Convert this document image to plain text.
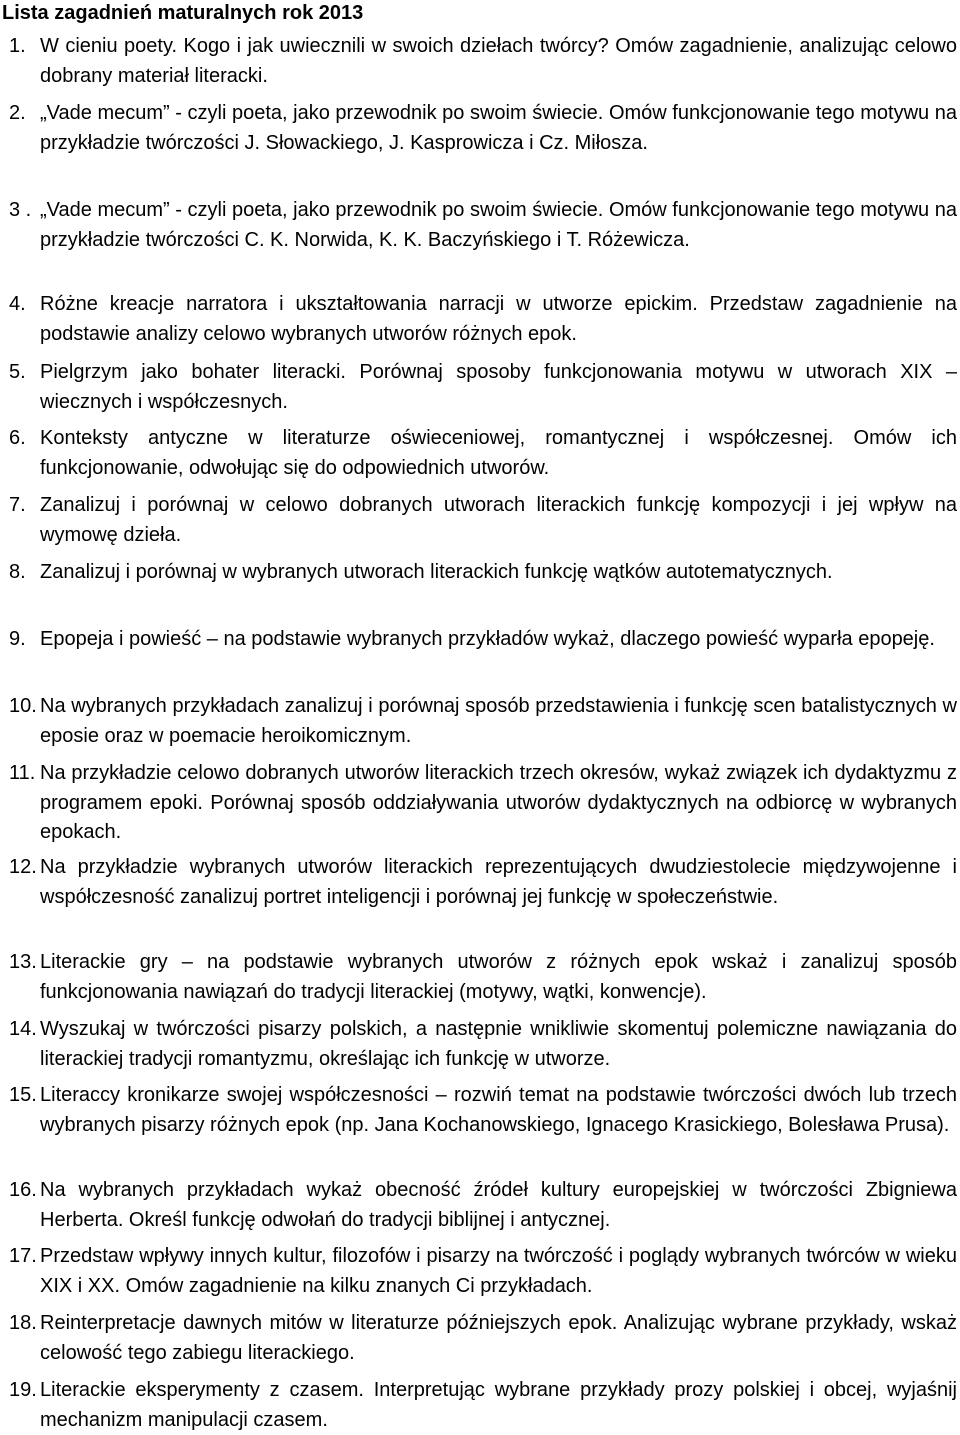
Lista zagadnień maturalnych rok 2013
1. W cieniu poety. Kogo i jak uwiecznili w swoich dziełach twórcy? Omów zagadnienie, analizując celowo dobrany materiał literacki.
2. „Vade mecum” - czyli poeta, jako przewodnik po swoim świecie. Omów funkcjonowanie tego motywu na przykładzie twórczości J. Słowackiego, J. Kasprowicza i Cz. Miłosza.
3 . „Vade mecum” - czyli poeta, jako przewodnik po swoim świecie. Omów funkcjonowanie tego motywu na przykładzie twórczości C. K. Norwida, K. K. Baczyńskiego i T. Różewicza.
4. Różne kreacje narratora i ukształtowania narracji w utworze epickim. Przedstaw zagadnienie na podstawie analizy celowo wybranych utworów różnych epok.
5. Pielgrzym jako bohater literacki. Porównaj sposoby funkcjonowania motywu w utworach XIX – wiecznych i współczesnych.
6. Konteksty antyczne w literaturze oświeceniowej, romantycznej i współczesnej. Omów ich funkcjonowanie, odwołując się do odpowiednich utworów.
7. Zanalizuj i porównaj w celowo dobranych utworach literackich funkcję kompozycji i jej wpływ na wymowę dzieła.
8. Zanalizuj i porównaj w wybranych utworach literackich funkcję wątków autotematycznych.
9. Epopeja i powieść – na podstawie wybranych przykładów wykaż, dlaczego powieść wyparła epopeję.
10. Na wybranych przykładach zanalizuj i porównaj sposób przedstawienia i funkcję scen batalistycznych w eposie oraz w poemacie heroikomicznym.
11. Na przykładzie celowo dobranych utworów literackich trzech okresów, wykaż związek ich dydaktyzmu z programem epoki. Porównaj sposób oddziaływania utworów dydaktycznych na odbiorcę w wybranych epokach.
12. Na przykładzie wybranych utworów literackich reprezentujących dwudziestolecie międzywojenne i współczesność zanalizuj portret inteligencji i porównaj jej funkcję w społeczeństwie.
13. Literackie gry – na podstawie wybranych utworów z różnych epok wskaż i zanalizuj sposób funkcjonowania nawiązań do tradycji literackiej (motywy, wątki, konwencje).
14. Wyszukaj w twórczości pisarzy polskich, a następnie wnikliwie skomentuj polemiczne nawiązania do literackiej tradycji romantyzmu, określając ich funkcję w utworze.
15. Literaccy kronikarze swojej współczesności – rozwiń temat na podstawie twórczości dwóch lub trzech wybranych pisarzy różnych epok (np. Jana Kochanowskiego, Ignacego Krasickiego, Bolesława Prusa).
16. Na wybranych przykładach wykaż obecność źródeł kultury europejskiej w twórczości Zbigniewa Herberta. Określ funkcję odwołań do tradycji biblijnej i antycznej.
17. Przedstaw wpływy innych kultur, filozofów i pisarzy na twórczość i poglądy wybranych twórców w wieku XIX i XX. Omów zagadnienie na kilku znanych Ci przykładach.
18. Reinterpretacje dawnych mitów w literaturze późniejszych epok. Analizując wybrane przykłady, wskaż celowość tego zabiegu literackiego.
19. Literackie eksperymenty z czasem. Interpretując wybrane przykłady prozy polskiej i obcej, wyjaśnij mechanizm manipulacji czasem.
